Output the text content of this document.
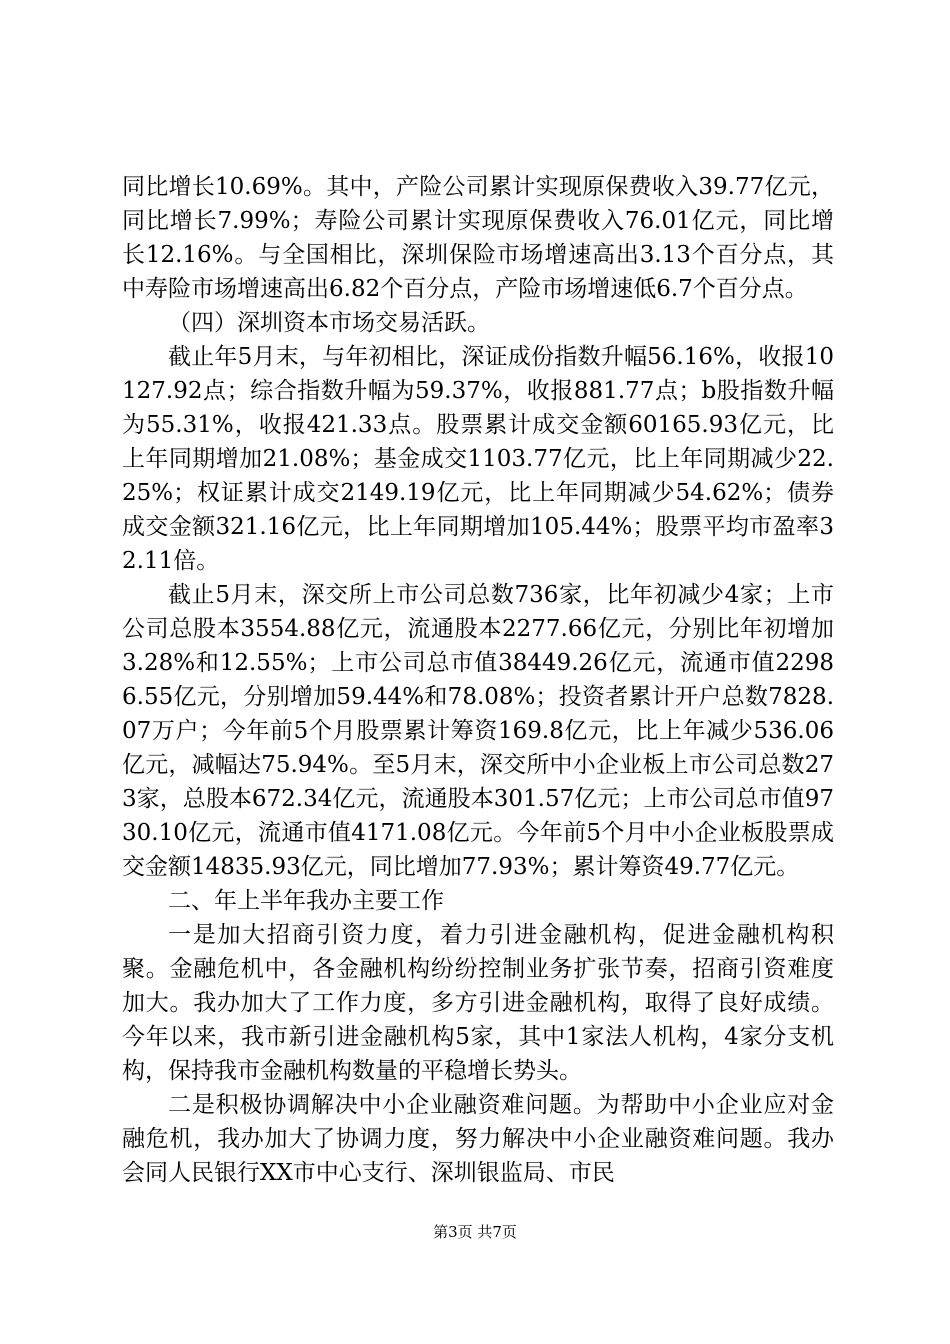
同比增长10.69%。其中，产险公司累计实现原保费收入39.77亿元，同比增长7.99%；寿险公司累计实现原保费收入76.01亿元，同比增长12.16%。与全国相比，深圳保险市场增速高出3.13个百分点，其中寿险市场增速高出6.82个百分点，产险市场增速低6.7个百分点。

（四）深圳资本市场交易活跃。

截止年5月末，与年初相比，深证成份指数升幅56.16%，收报10127.92点；综合指数升幅为59.37%，收报881.77点；b股指数升幅为55.31%，收报421.33点。股票累计成交金额60165.93亿元，比上年同期增加21.08%；基金成交1103.77亿元，比上年同期减少22.25%；权证累计成交2149.19亿元，比上年同期减少54.62%；债券成交金额321.16亿元，比上年同期增加105.44%；股票平均市盈率32.11倍。

截止5月末，深交所上市公司总数736家，比年初减少4家；上市公司总股本3554.88亿元，流通股本2277.66亿元，分别比年初增加3.28%和12.55%；上市公司总市值38449.26亿元，流通市值22986.55亿元，分别增加59.44%和78.08%；投资者累计开户总数7828.07万户；今年前5个月股票累计筹资169.8亿元，比上年减少536.06亿元，减幅达75.94%。至5月末，深交所中小企业板上市公司总数273家，总股本672.34亿元，流通股本301.57亿元；上市公司总市值9730.10亿元，流通市值4171.08亿元。今年前5个月中小企业板股票成交金额14835.93亿元，同比增加77.93%；累计筹资49.77亿元。

二、年上半年我办主要工作

一是加大招商引资力度，着力引进金融机构，促进金融机构积聚。金融危机中，各金融机构纷纷控制业务扩张节奏，招商引资难度加大。我办加大了工作力度，多方引进金融机构，取得了良好成绩。今年以来，我市新引进金融机构5家，其中1家法人机构，4家分支机构，保持我市金融机构数量的平稳增长势头。

二是积极协调解决中小企业融资难问题。为帮助中小企业应对金融危机，我办加大了协调力度，努力解决中小企业融资难问题。我办会同人民银行XX市中心支行、深圳银监局、市民

第3页 共7页
